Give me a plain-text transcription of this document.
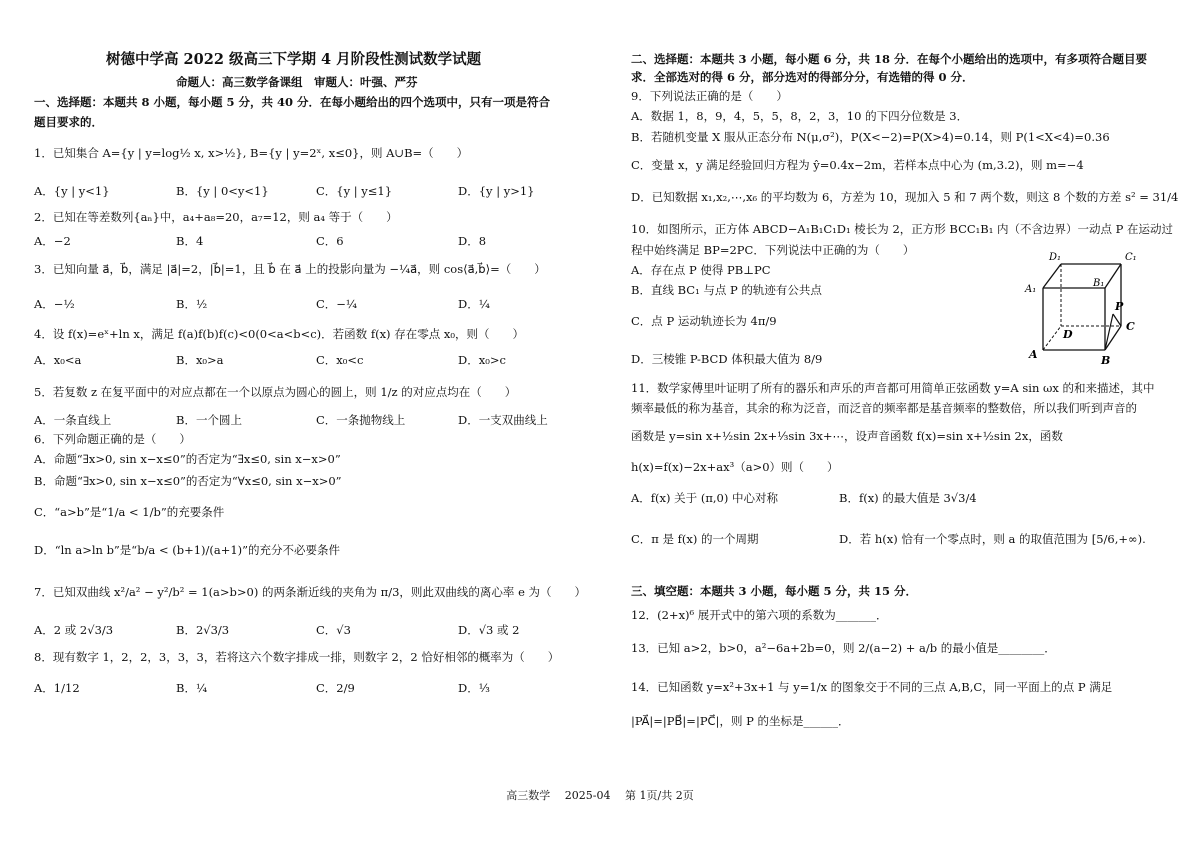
树德中学高 2022 级高三下学期 4 月阶段性测试数学试题
命题人：高三数学备课组　审题人：叶强、严芬
一、选择题：本题共 8 小题，每小题 5 分，共 40 分．在每小题给出的四个选项中，只有一项是符合
题目要求的．
1．已知集合 A={y | y=log½ x, x>½}, B={y | y=2ˣ, x≤0}，则 A∪B=（　　）
A．{y | y<1}	B．{y | 0<y<1}	C．{y | y≤1}	D．{y | y>1}
2．已知在等差数列{aₙ}中，a₄+a₈=20，a₇=12，则 a₄ 等于（　　）
A．−2	B．4	C．6	D．8
3．已知向量 a⃗，b⃗，满足 |a⃗|=2，|b⃗|=1，且 b⃗ 在 a⃗ 上的投影向量为 −¼a⃗，则 cos⟨a⃗,b⃗⟩=（　　）
A．−½	B．½	C．−¼	D．¼
4．设 f(x)=eˣ+ln x，满足 f(a)f(b)f(c)<0(0<a<b<c)．若函数 f(x) 存在零点 x₀，则（　　）
A．x₀<a	B．x₀>a	C．x₀<c	D．x₀>c
5．若复数 z 在复平面中的对应点都在一个以原点为圆心的圆上，则 1/z 的对应点均在（　　）
A．一条直线上	B．一个圆上	C．一条抛物线上	D．一支双曲线上
6．下列命题正确的是（　　）
A．命题“∃x>0, sin x−x≤0”的否定为“∃x≤0, sin x−x>0”
B．命题“∃x>0, sin x−x≤0”的否定为“∀x≤0, sin x−x>0”
C．“a>b”是“1/a < 1/b”的充要条件
D．“ln a>ln b”是“b/a < (b+1)/(a+1)”的充分不必要条件
7．已知双曲线 x²/a² − y²/b² = 1(a>b>0) 的两条渐近线的夹角为 π/3，则此双曲线的离心率 e 为（　　）
A．2 或 2√3/3	B．2√3/3	C．√3	D．√3 或 2
8．现有数字 1，2，2，3，3，3，若将这六个数字排成一排，则数字 2，2 恰好相邻的概率为（　　）
A．1/12	B．¼	C．2/9	D．⅓
二、选择题：本题共 3 小题，每小题 6 分，共 18 分．在每个小题给出的选项中，有多项符合题目要
求．全部选对的得 6 分，部分选对的得部分分，有选错的得 0 分．
9．下列说法正确的是（　　）
A．数据 1，8，9，4，5，5，8，2，3，10 的下四分位数是 3．
B．若随机变量 X 服从正态分布 N(μ,σ²)，P(X<−2)=P(X>4)=0.14，则 P(1<X<4)=0.36
C．变量 x，y 满足经验回归方程为 ŷ=0.4x−2m，若样本点中心为 (m,3.2)，则 m=−4
D．已知数据 x₁,x₂,⋯,x₆ 的平均数为 6，方差为 10，现加入 5 和 7 两个数，则这 8 个数的方差 s² = 31/4
10．如图所示，正方体 ABCD−A₁B₁C₁D₁ 棱长为 2，正方形 BCC₁B₁ 内（不含边界）一动点 P 在运动过
程中始终满足 BP=2PC．下列说法中正确的为（　　）
A．存在点 P 使得 PB⊥PC
B．直线 BC₁ 与点 P 的轨迹有公共点
C．点 P 运动轨迹长为 4π/9
D．三棱锥 P-BCD 体积最大值为 8/9
11．数学家傅里叶证明了所有的器乐和声乐的声音都可用简单正弦函数 y=A sin ωx 的和来描述，其中
频率最低的称为基音，其余的称为泛音，而泛音的频率都是基音频率的整数倍，所以我们听到声音的
函数是 y=sin x+½sin 2x+⅓sin 3x+⋯，设声音函数 f(x)=sin x+½sin 2x，函数
h(x)=f(x)−2x+ax³（a>0）则（　　）
A．f(x) 关于 (π,0) 中心对称	B．f(x) 的最大值是 3√3/4
C．π 是 f(x) 的一个周期	D．若 h(x) 恰有一个零点时，则 a 的取值范围为 [5/6,+∞).
三、填空题：本题共 3 小题，每小题 5 分，共 15 分．
12．(2+x)⁶ 展开式中的第六项的系数为_______．
13．已知 a>2，b>0，a²−6a+2b=0，则 2/(a−2) + a/b 的最小值是________．
14．已知函数 y=x²+3x+1 与 y=1/x 的图象交于不同的三点 A,B,C，同一平面上的点 P 满足
|PA⃗|=|PB⃗|=|PC⃗|，则 P 的坐标是______．
D₁	C₁
A₁
B₁
P
C
D
A	B
高三数学　 2025-04　 第 1页/共 2页
